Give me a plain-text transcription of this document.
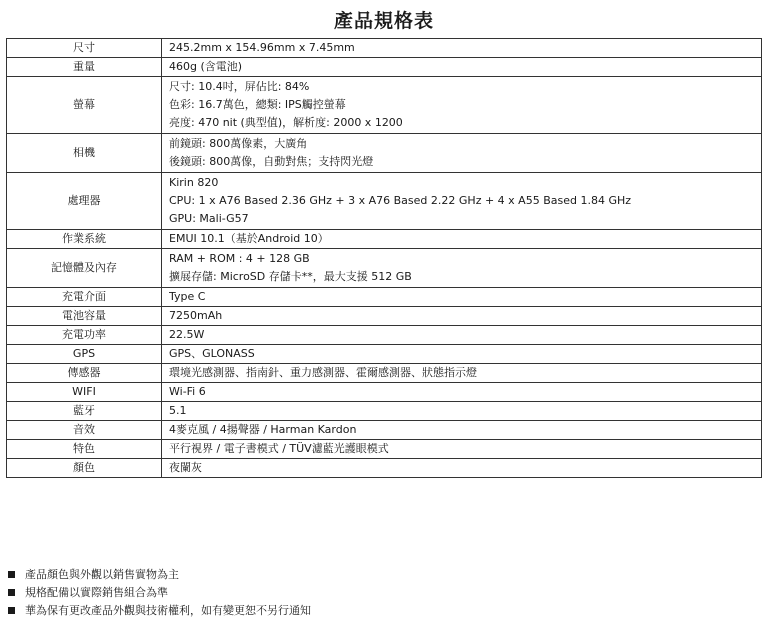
產品規格表
尺寸	245.2mm x 154.96mm x 7.45mm

重量	460g (含電池)

螢幕	尺寸: 10.4吋，屏佔比: 84%
色彩: 16.7萬色，總類: IPS觸控螢幕
亮度: 470 nit (典型值)，解析度: 2000 x 1200

相機	前鏡頭: 800萬像素，大廣角
後鏡頭: 800萬像，自動對焦；支持閃光燈

處理器	Kirin 820
CPU: 1 x A76 Based 2.36 GHz + 3 x A76 Based 2.22 GHz + 4 x A55 Based 1.84 GHz
GPU: Mali-G57

作業系統	EMUI 10.1（基於Android 10）

記憶體及內存	RAM + ROM : 4 + 128 GB
擴展存儲: MicroSD 存儲卡**，最大支援 512 GB

充電介面	Type C

電池容量	7250mAh

充電功率	22.5W

GPS	GPS、GLONASS

傳感器	環境光感測器、指南針、重力感測器、霍爾感測器、狀態指示燈

WIFI	Wi-Fi 6

藍牙	5.1

音效	4麥克風 / 4揚聲器 / Harman Kardon

特色	平行視界 / 電子書模式 / TÜV濾藍光護眼模式

顏色	夜闌灰
產品顏色與外觀以銷售實物為主
規格配備以實際銷售組合為準
華為保有更改產品外觀與技術權利，如有變更恕不另行通知
